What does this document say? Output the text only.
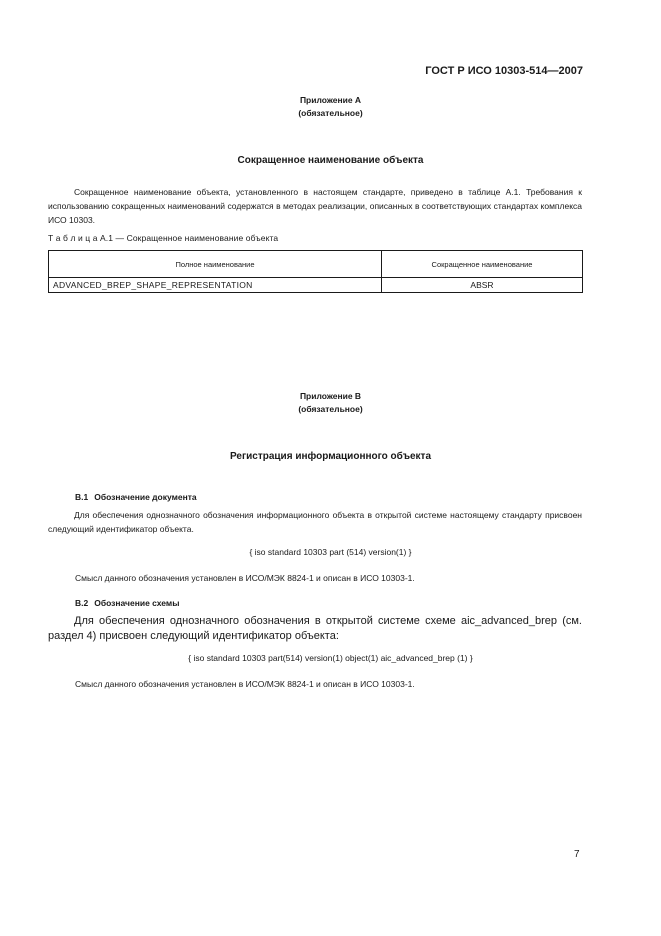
ГОСТ Р ИСО 10303-514—2007
Приложение А
(обязательное)
Сокращенное наименование объекта

Сокращенное наименование объекта, установленного в настоящем стандарте, приведено в таблице А.1. Требования к использованию сокращенных наименований содержатся в методах реализации, описанных в соответствующих стандартах комплекса ИСО 10303.

Т а б л и ц а А.1 — Сокращенное наименование объекта
Полное наименование	Сокращенное наименование
ADVANCED_BREP_SHAPE_REPRESENTATION	ABSR
Приложение В
(обязательное)
Регистрация информационного объекта
В.1 Обозначение документа

Для обеспечения однозначного обозначения информационного объекта в открытой системе настоящему стандарту присвоен следующий идентификатор объекта.

{ iso standard 10303 part (514) version(1) }
Смысл данного обозначения установлен в ИСО/МЭК 8824-1 и описан в ИСО 10303-1.
В.2 Обозначение схемы

Для обеспечения однозначного обозначения в открытой системе схеме aic_advanced_brep (см. раздел 4) присвоен следующий идентификатор объекта:

{ iso standard 10303 part(514) version(1) object(1) aic_advanced_brep (1) }
Смысл данного обозначения установлен в ИСО/МЭК 8824-1 и описан в ИСО 10303-1.
7
